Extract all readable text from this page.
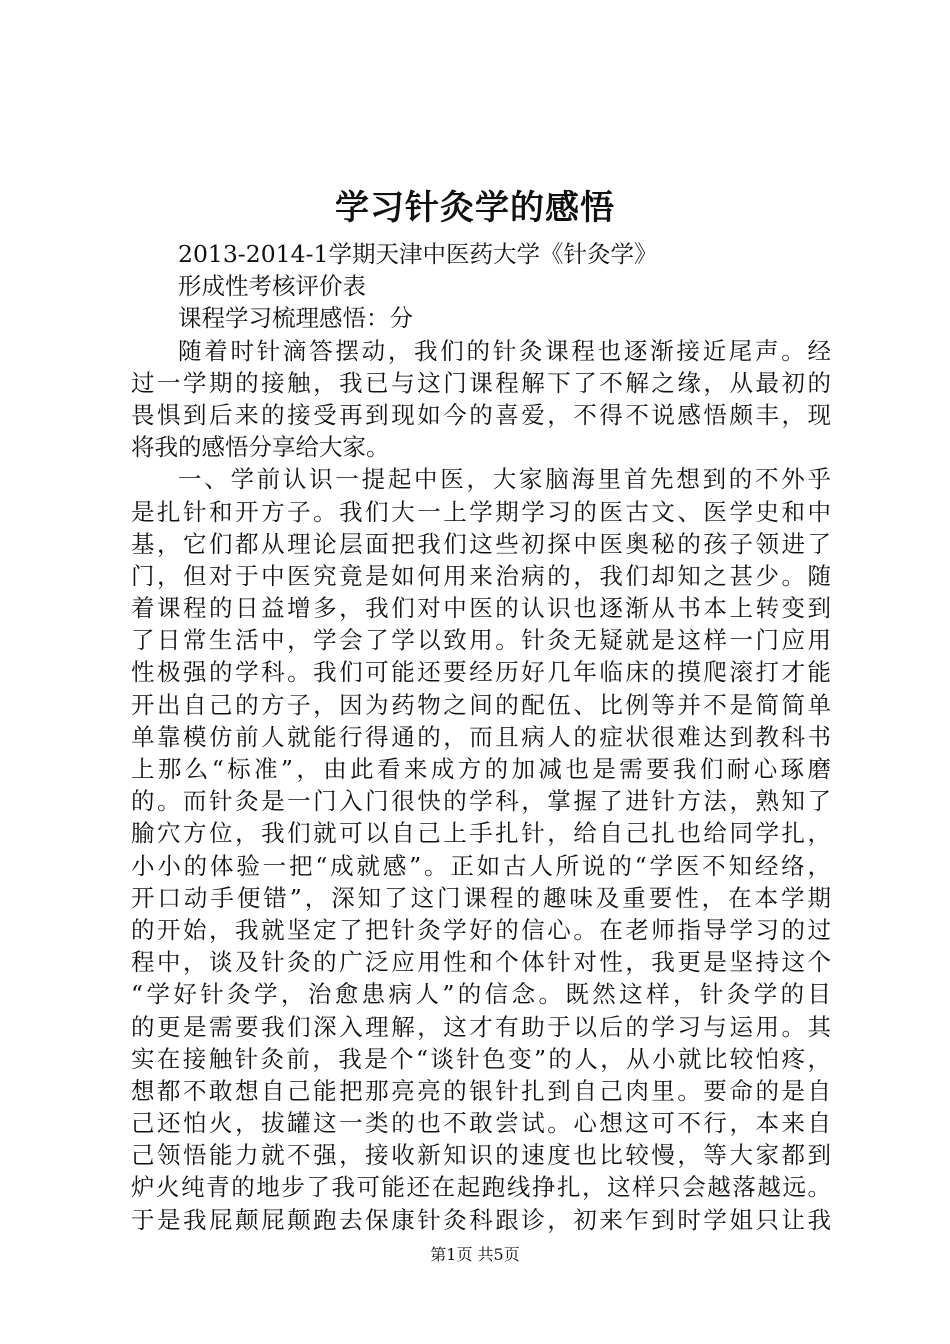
学习针灸学的感悟
2013-2014-1学期天津中医药大学《针灸学》
形成性考核评价表
课程学习梳理感悟：分
随着时针滴答摆动，我们的针灸课程也逐渐接近尾声。经
过一学期的接触，我已与这门课程解下了不解之缘，从最初的
畏惧到后来的接受再到现如今的喜爱，不得不说感悟颇丰，现
将我的感悟分享给大家。
一、学前认识一提起中医，大家脑海里首先想到的不外乎
是扎针和开方子。我们大一上学期学习的医古文、医学史和中
基，它们都从理论层面把我们这些初探中医奥秘的孩子领进了
门，但对于中医究竟是如何用来治病的，我们却知之甚少。随
着课程的日益增多，我们对中医的认识也逐渐从书本上转变到
了日常生活中，学会了学以致用。针灸无疑就是这样一门应用
性极强的学科。我们可能还要经历好几年临床的摸爬滚打才能
开出自己的方子，因为药物之间的配伍、比例等并不是简简单
单靠模仿前人就能行得通的，而且病人的症状很难达到教科书
上那么“标准”，由此看来成方的加减也是需要我们耐心琢磨
的。而针灸是一门入门很快的学科，掌握了进针方法，熟知了
腧穴方位，我们就可以自己上手扎针，给自己扎也给同学扎，
小小的体验一把“成就感”。正如古人所说的“学医不知经络，
开口动手便错”，深知了这门课程的趣味及重要性，在本学期
的开始，我就坚定了把针灸学好的信心。在老师指导学习的过
程中，谈及针灸的广泛应用性和个体针对性，我更是坚持这个
“学好针灸学，治愈患病人”的信念。既然这样，针灸学的目
的更是需要我们深入理解，这才有助于以后的学习与运用。其
实在接触针灸前，我是个“谈针色变”的人，从小就比较怕疼，
想都不敢想自己能把那亮亮的银针扎到自己肉里。要命的是自
己还怕火，拔罐这一类的也不敢尝试。心想这可不行，本来自
己领悟能力就不强，接收新知识的速度也比较慢，等大家都到
炉火纯青的地步了我可能还在起跑线挣扎，这样只会越落越远。
于是我屁颠屁颠跑去保康针灸科跟诊，初来乍到时学姐只让我
第1页 共5页
